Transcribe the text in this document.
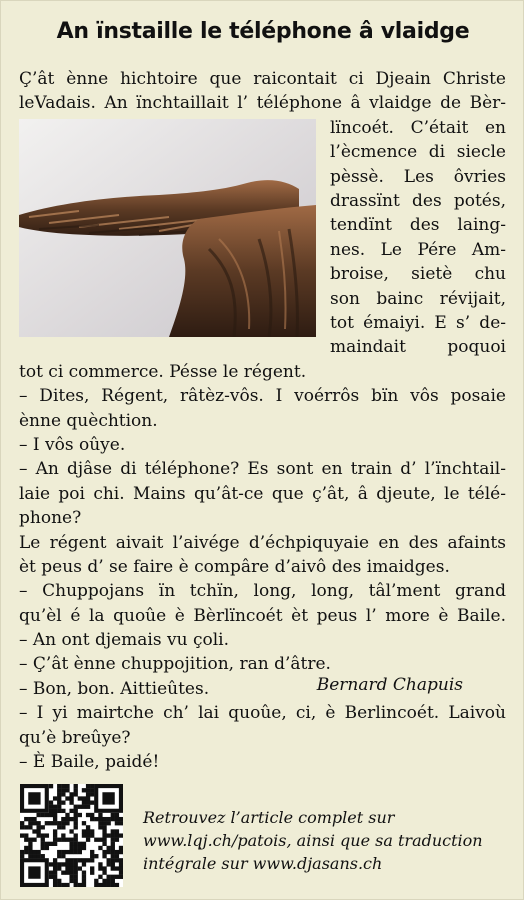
An ïnstaille le téléphone â vlaidge
Ç’ât ènne hichtoire que raicontait ci Djeain Christe
leVadais. An ïnchtaillait l’ téléphone â vlaidge de Bèr-
lïncoét. C’était en
l’ècmence di siecle
pèssè. Les ôvries
drassïnt des potés,
tendïnt des laing-
nes. Le Pére Am-
broise, sietè chu
son bainc révijait,
tot émaiyi. E s’ de-
maindait poquoi
tot ci commerce. Pésse le régent.
– Dites, Régent, râtèz-vôs. I voérrôs bïn vôs posaie
ènne quèchtion.
– I vôs oûye.
– An djâse di téléphone? Es sont en train d’ l’ïnchtail-
laie poi chi. Mains qu’ât-ce que ç’ât, â djeute, le télé-
phone?
Le régent aivait l’aivége d’échpiquyaie en des afaints
èt peus d’ se faire è compâre d’aivô des imaidges.
– Chuppojans ïn tchïn, long, long, tâl’ment grand
qu’èl é la quoûe è Bèrlïncoét èt peus l’ more è Baile.
– An ont djemais vu çoli.
– Ç’ât ènne chuppojition, ran d’âtre.
– Bon, bon. Aittieûtes.
– I yi mairtche ch’ lai quoûe, ci, è Berlincoét. Laivoù
qu’è breûye?
– È Baile, paidé!
Bernard Chapuis
Retrouvez l’article complet sur
www.lqj.ch/patois, ainsi que sa traduction
intégrale sur www.djasans.ch
